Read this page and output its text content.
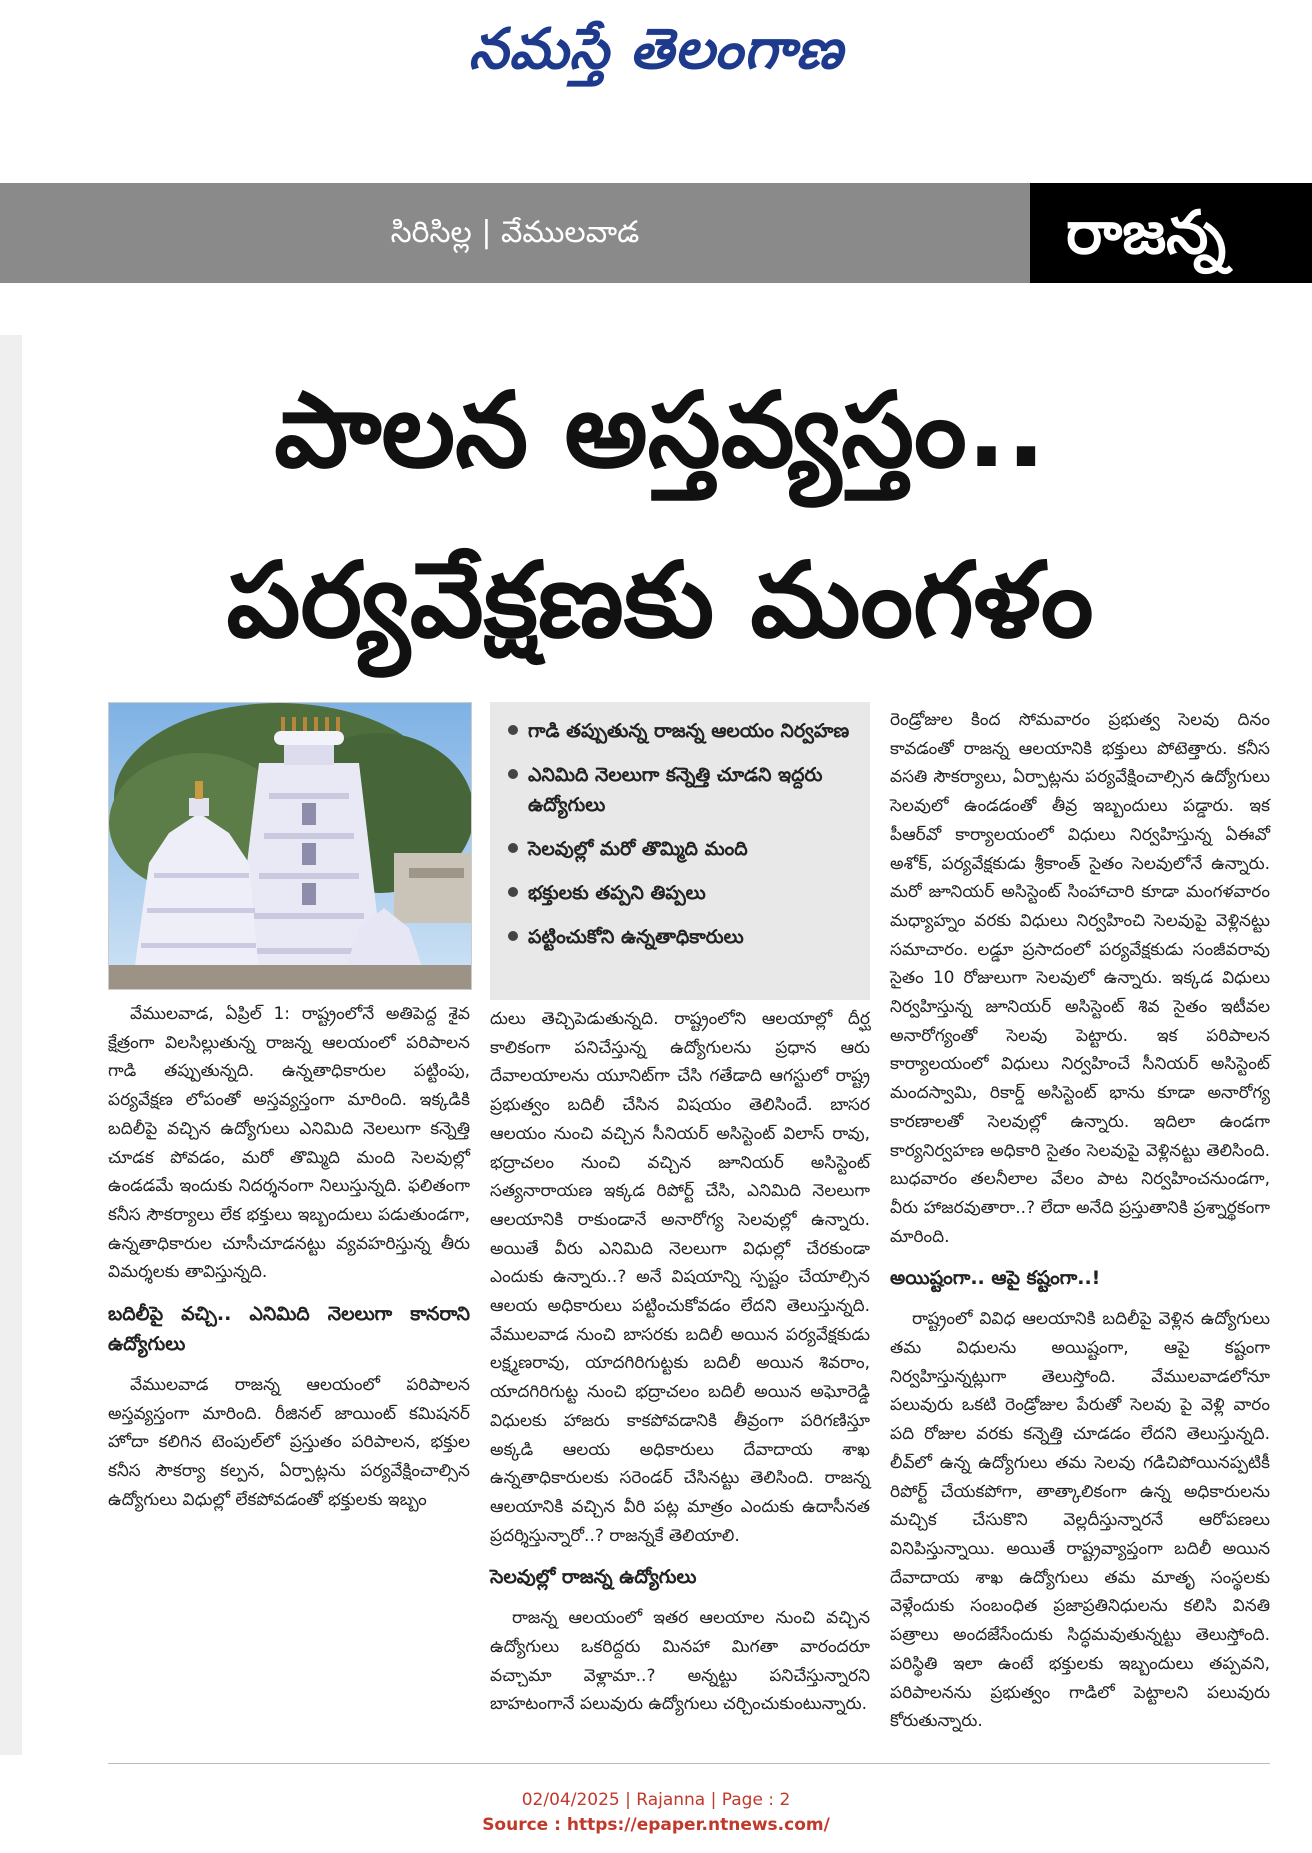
నమస్తే తెలంగాణ
సిరిసిల్ల | వేములవాడ	రాజన్న
పాలన అస్తవ్యస్తం..
పర్యవేక్షణకు మంగళం
గాడి తప్పుతున్న రాజన్న ఆలయం నిర్వహణ
ఎనిమిది నెలలుగా కన్నెత్తి చూడని ఇద్దరు ఉద్యోగులు
సెలవుల్లో మరో తొమ్మిది మంది
భక్తులకు తప్పని తిప్పలు
పట్టించుకోని ఉన్నతాధికారులు

వేములవాడ, ఏప్రిల్ 1: రాష్ట్రంలోనే అతిపెద్ద శైవ క్షేత్రంగా విలసిల్లుతున్న రాజన్న ఆలయంలో పరిపాలన గాడి తప్పుతున్నది. ఉన్నతాధికారుల పట్టింపు, పర్యవేక్షణ లోపంతో అస్తవ్యస్తంగా మారింది. ఇక్కడికి బదిలీపై వచ్చిన ఉద్యోగులు ఎనిమిది నెలలుగా కన్నెత్తి చూడక పోవడం, మరో తొమ్మిది మంది సెలవుల్లో ఉండడమే ఇందుకు నిదర్శనంగా నిలుస్తున్నది. ఫలితంగా కనీస సౌకర్యాలు లేక భక్తులు ఇబ్బందులు పడుతుండగా, ఉన్నతాధికారుల చూసీచూడనట్టు వ్యవహరిస్తున్న తీరు విమర్శలకు తావిస్తున్నది.

బదిలీపై వచ్చి.. ఎనిమిది నెలలుగా కానరాని ఉద్యోగులు

వేములవాడ రాజన్న ఆలయంలో పరిపాలన అస్తవ్యస్తంగా మారింది. రీజినల్ జాయింట్ కమిషనర్ హోదా కలిగిన టెంపుల్‌లో ప్రస్తుతం పరిపాలన, భక్తుల కనీస సౌకర్యా కల్పన, ఏర్పాట్లను పర్యవేక్షించాల్సిన ఉద్యోగులు విధుల్లో లేకపోవడంతో భక్తులకు ఇబ్బం

దులు తెచ్చిపెడుతున్నది. రాష్ట్రంలోని ఆలయాల్లో దీర్ఘ కాలికంగా పనిచేస్తున్న ఉద్యోగులను ప్రధాన ఆరు దేవాలయాలను యూనిట్‌గా చేసి గతేడాది ఆగస్టులో రాష్ట్ర ప్రభుత్వం బదిలీ చేసిన విషయం తెలిసిందే. బాసర ఆలయం నుంచి వచ్చిన సీనియర్ అసిస్టెంట్ విలాస్ రావు, భద్రాచలం నుంచి వచ్చిన జూనియర్ అసిస్టెంట్ సత్యనారాయణ ఇక్కడ రిపోర్ట్ చేసి, ఎనిమిది నెలలుగా ఆలయానికి రాకుండానే అనారోగ్య సెలవుల్లో ఉన్నారు. అయితే వీరు ఎనిమిది నెలలుగా విధుల్లో చేరకుండా ఎందుకు ఉన్నారు..? అనే విషయాన్ని స్పష్టం చేయాల్సిన ఆలయ అధికారులు పట్టించుకోవడం లేదని తెలుస్తున్నది. వేములవాడ నుంచి బాసరకు బదిలీ అయిన పర్యవేక్షకుడు లక్ష్మణరావు, యాదగిరిగుట్టకు బదిలీ అయిన శివరాం, యాదగిరిగుట్ట నుంచి భద్రాచలం బదిలీ అయిన అఘోరెడ్డి విధులకు హాజరు కాకపోవడానికి తీవ్రంగా పరిగణిస్తూ అక్కడి ఆలయ అధికారులు దేవాదాయ శాఖ ఉన్నతాధికారులకు సరెండర్ చేసినట్టు తెలిసింది. రాజన్న ఆలయానికి వచ్చిన వీరి పట్ల మాత్రం ఎందుకు ఉదాసీనత ప్రదర్శిస్తున్నారో..? రాజన్నకే తెలియాలి.

సెలవుల్లో రాజన్న ఉద్యోగులు

రాజన్న ఆలయంలో ఇతర ఆలయాల నుంచి వచ్చిన ఉద్యోగులు ఒకరిద్దరు మినహా మిగతా వారందరూ వచ్చామా వెళ్లామా..? అన్నట్టు పనిచేస్తున్నారని బాహటంగానే పలువురు ఉద్యోగులు చర్చించుకుంటున్నారు.

రెండ్రోజుల కింద సోమవారం ప్రభుత్వ సెలవు దినం కావడంతో రాజన్న ఆలయానికి భక్తులు పోటెత్తారు. కనీస వసతి సౌకర్యాలు, ఏర్పాట్లను పర్యవేక్షించాల్సిన ఉద్యోగులు సెలవులో ఉండడంతో తీవ్ర ఇబ్బందులు పడ్డారు. ఇక పీఆర్‌వో కార్యాలయంలో విధులు నిర్వహిస్తున్న ఏఈవో అశోక్, పర్యవేక్షకుడు శ్రీకాంత్ సైతం సెలవులోనే ఉన్నారు. మరో జూనియర్ అసిస్టెంట్ సింహాచారి కూడా మంగళవారం మధ్యాహ్నం వరకు విధులు నిర్వహించి సెలవుపై వెళ్లినట్టు సమాచారం. లడ్డూ ప్రసాదంలో పర్యవేక్షకుడు సంజీవరావు సైతం 10 రోజులుగా సెలవులో ఉన్నారు. ఇక్కడ విధులు నిర్వహిస్తున్న జూనియర్ అసిస్టెంట్ శివ సైతం ఇటీవల అనారోగ్యంతో సెలవు పెట్టారు. ఇక పరిపాలన కార్యాలయంలో విధులు నిర్వహించే సీనియర్ అసిస్టెంట్ మందస్వామి, రికార్డ్ అసిస్టెంట్ భాను కూడా అనారోగ్య కారణాలతో సెలవుల్లో ఉన్నారు. ఇదిలా ఉండగా కార్యనిర్వహణ అధికారి సైతం సెలవుపై వెళ్లినట్టు తెలిసింది. బుధవారం తలనీలాల వేలం పాట నిర్వహించనుండగా, వీరు హాజరవుతారా..? లేదా అనేది ప్రస్తుతానికి ప్రశ్నార్థకంగా మారింది.

అయిష్టంగా.. ఆపై కష్టంగా..!

రాష్ట్రంలో వివిధ ఆలయానికి బదిలీపై వెళ్లిన ఉద్యోగులు తమ విధులను అయిష్టంగా, ఆపై కష్టంగా నిర్వహిస్తున్నట్లుగా తెలుస్తోంది. వేములవాడలోనూ పలువురు ఒకటి రెండ్రోజుల పేరుతో సెలవు పై వెళ్లి వారం పది రోజుల వరకు కన్నెత్తి చూడడం లేదని తెలుస్తున్నది. లీవ్‌లో ఉన్న ఉద్యోగులు తమ సెలవు గడిచిపోయినప్పటికీ రిపోర్ట్ చేయకపోగా, తాత్కాలికంగా ఉన్న అధికారులను మచ్చిక చేసుకొని వెల్లదీస్తున్నారనే ఆరోపణలు వినిపిస్తున్నాయి. అయితే రాష్ట్రవ్యాప్తంగా బదిలీ అయిన దేవాదాయ శాఖ ఉద్యోగులు తమ మాతృ సంస్థలకు వెళ్లేందుకు సంబంధిత ప్రజాప్రతినిధులను కలిసి వినతి పత్రాలు అందజేసేందుకు సిద్ధమవుతున్నట్టు తెలుస్తోంది. పరిస్థితి ఇలా ఉంటే భక్తులకు ఇబ్బందులు తప్పవని, పరిపాలనను ప్రభుత్వం గాడిలో పెట్టాలని పలువురు కోరుతున్నారు.

02/04/2025 | Rajanna | Page : 2
Source : https://epaper.ntnews.com/
